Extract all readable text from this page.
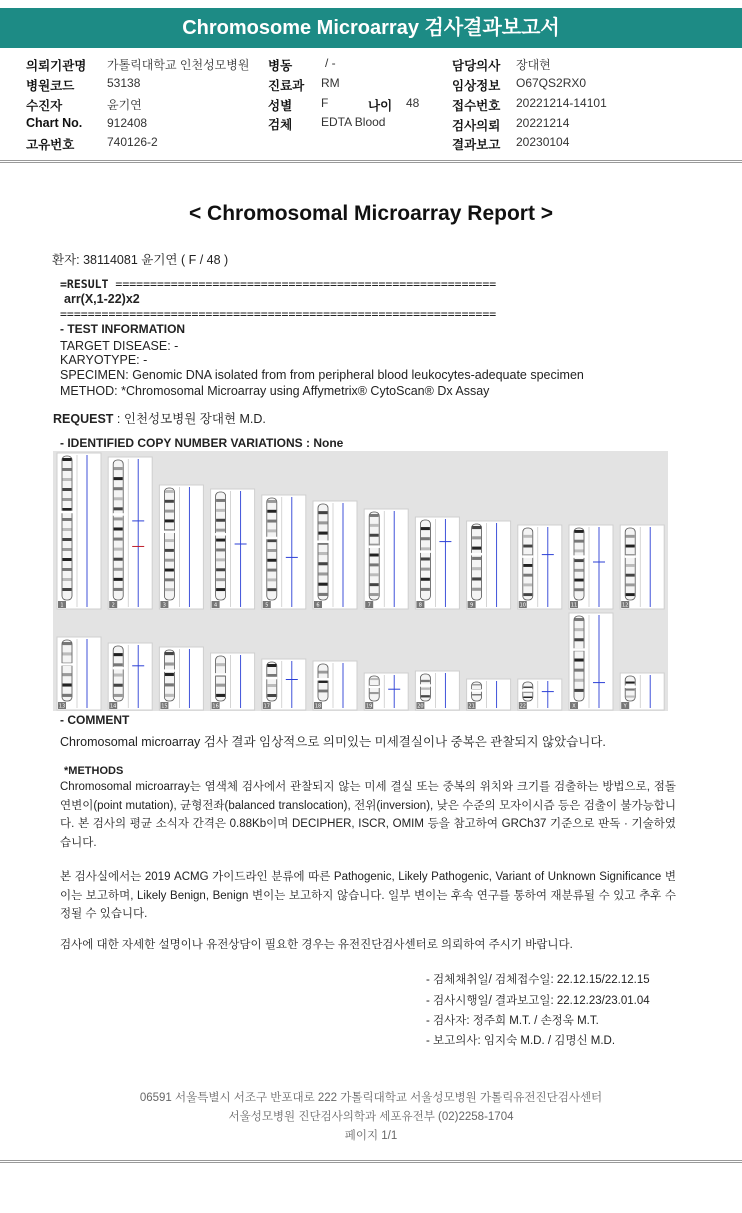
Chromosome Microarray 검사결과보고서
의뢰기관명 가톨릭대학교 인천성모병원
병원코드	53138
수진자	윤기연
Chart No. 912408
고유번호	740126-2
병동	/ -
진료과 RM
성별 F	나이 48
검체 EDTA Blood
담당의사 장대현
임상정보 O67QS2RX0
접수번호 20221214-14101
검사의뢰 20221214
결과보고 20230104
< Chromosomal Microarray Report >
환자: 38114081 윤기연 ( F / 48 )
=RESULT =======================================================
arr(X,1-22)x2
===============================================================
- TEST INFORMATION
TARGET DISEASE: -
KARYOTYPE: -
SPECIMEN: Genomic DNA isolated from from peripheral blood leukocytes-adequate specimen
METHOD: *Chromosomal Microarray using Affymetrix® CytoScan® Dx Assay
REQUEST : 인천성모병원 장대현 M.D.
- IDENTIFIED COPY NUMBER VARIATIONS : None
1	2	3	4	5	6	7	8	9	10	11	12
13	14	15	16	17	18	19	20	21	22	X	Y
- COMMENT
Chromosomal microarray 검사 결과 임상적으로 의미있는 미세결실이나 중복은 관찰되지 않았습니다.
*METHODS
Chromosomal microarray는 염색체 검사에서 관찰되지 않는 미세 결실 또는 중복의 위치와 크기를 검출하는 방법으로, 점돌연변이(point mutation), 균형전좌(balanced translocation), 전위(inversion), 낮은 수준의 모자이시즘 등은 검출이 불가능합니다. 본 검사의 평균 소식자 간격은 0.88Kb이며 DECIPHER, ISCR, OMIM 등을 참고하여 GRCh37 기준으로 판독 · 기술하였습니다.
본 검사실에서는 2019 ACMG 가이드라인 분류에 따른 Pathogenic, Likely Pathogenic, Variant of Unknown Significance 변이는 보고하며, Likely Benign, Benign 변이는 보고하지 않습니다. 일부 변이는 후속 연구를 통하여 재분류될 수 있고 추후 수정될 수 있습니다.
검사에 대한 자세한 설명이나 유전상담이 필요한 경우는 유전진단검사센터로 의뢰하여 주시기 바랍니다.
- 검체채취일/ 검체접수일: 22.12.15/22.12.15
- 검사시행일/ 결과보고일: 22.12.23/23.01.04
- 검사자: 정주희 M.T. / 손정욱 M.T.
- 보고의사: 임지숙 M.D. / 김명신 M.D.
06591 서울특별시 서조구 반포대로 222 가톨릭대학교 서울성모병원 가톨릭유전진단검사센터
서울성모병원 진단검사의학과 세포유전부 (02)2258-1704
페이지 1/1
